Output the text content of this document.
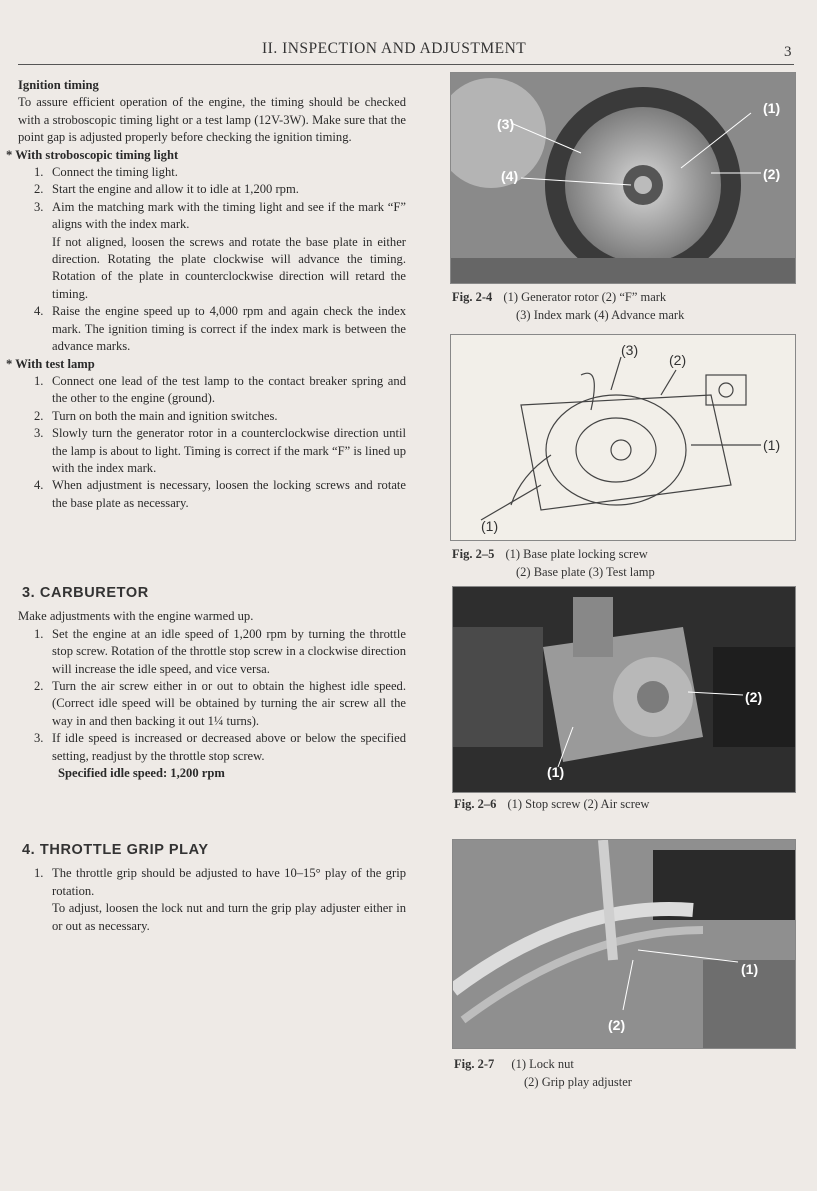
II. INSPECTION AND ADJUSTMENT	3
Ignition timing

To assure efficient operation of the engine, the timing should be checked with a stroboscopic timing light or a test lamp (12V-3W). Make sure that the point gap is adjusted properly before checking the ignition timing.

* With stroboscopic timing light
1. Connect the timing light.
2. Start the engine and allow it to idle at 1,200 rpm.
3. Aim the matching mark with the timing light and see if the mark “F” aligns with the index mark.
If not aligned, loosen the screws and rotate the base plate in either direction. Rotating the plate clockwise will advance the timing. Rotation of the plate in counterclockwise direction will retard the timing.
4. Raise the engine speed up to 4,000 rpm and again check the index mark. The ignition timing is correct if the index mark is between the advance marks.
* With test lamp
1. Connect one lead of the test lamp to the contact breaker spring and the other to the engine (ground).
2. Turn on both the main and ignition switches.
3. Slowly turn the generator rotor in a counterclockwise direction until the lamp is about to light. Timing is correct if the mark “F” is lined up with the index mark.
4. When adjustment is necessary, loosen the locking screws and rotate the base plate as necessary.
3. CARBURETOR

Make adjustments with the engine warmed up.

1. Set the engine at an idle speed of 1,200 rpm by turning the throttle stop screw. Rotation of the throttle stop screw in a clockwise direction will increase the idle speed, and vice versa.
2. Turn the air screw either in or out to obtain the highest idle speed. (Correct idle speed will be obtained by turning the air screw all the way in and then backing it out 1¼ turns).
3. If idle speed is increased or decreased above or below the specified setting, readjust by the throttle stop screw.
Specified idle speed: 1,200 rpm
4. THROTTLE GRIP PLAY
1. The throttle grip should be adjusted to have 10–15° play of the grip rotation.
To adjust, loosen the lock nut and turn the grip play adjuster either in or out as necessary.
(1)
(2)
(3)
(4)
Fig. 2-4 (1) Generator rotor (2) “F” mark
(3) Index mark (4) Advance mark
(3)
(2)
(1)
(1)
Fig. 2–5 (1) Base plate locking screw
(2) Base plate (3) Test lamp
(1)
(2)
Fig. 2–6 (1) Stop screw (2) Air screw
(1)
(2)
Fig. 2-7 (1) Lock nut
(2) Grip play adjuster
